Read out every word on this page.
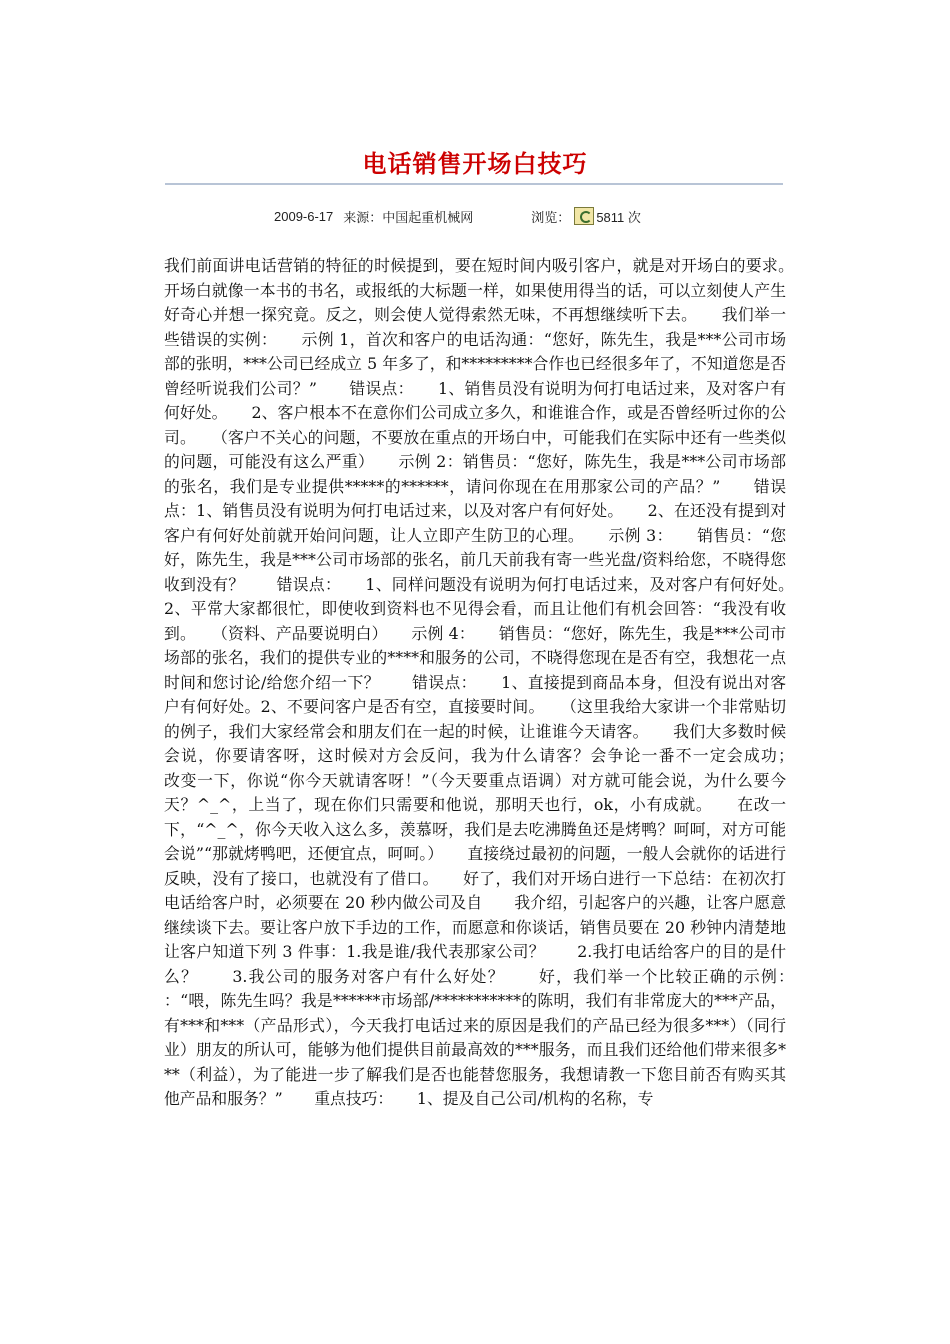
电话销售开场白技巧
2009-6-17 来源：中国起重机械网	浏览： 5811 次

我们前面讲电话营销的特征的时候提到，要在短时间内吸引客户，就是对开场白的要求。　　开场白就像一本书的书名，或报纸的大标题一样，如果使用得当的话，可以立刻使人产生好奇心并想一探究竟。反之，则会使人觉得索然无味，不再想继续听下去。　　我们举一些错误的实例：　　示例 1，首次和客户的电话沟通：“您好，陈先生，我是***公司市场部的张明，***公司已经成立 5 年多了，和*********合作也已经很多年了，不知道您是否曾经听说我们公司？”　　错误点：　　1、销售员没有说明为何打电话过来，及对客户有何好处。　　2、客户根本不在意你们公司成立多久，和谁谁合作，或是否曾经听过你的公司。　　（客户不关心的问题，不要放在重点的开场白中，可能我们在实际中还有一些类似的问题，可能没有这么严重）　　示例 2：销售员：“您好，陈先生，我是***公司市场部的张名，我们是专业提供*****的******，请问你现在在用那家公司的产品？”　　错误点：1、销售员没有说明为何打电话过来，以及对客户有何好处。　　2、在还没有提到对客户有何好处前就开始问问题，让人立即产生防卫的心理。　　示例 3：　　销售员：“您好，陈先生，我是***公司市场部的张名，前几天前我有寄一些光盘/资料给您，不晓得您收到没有？　　错误点：　　1、同样问题没有说明为何打电话过来，及对客户有何好处。　　2、平常大家都很忙，即使收到资料也不见得会看，而且让他们有机会回答：“我没有收到。　　（资料、产品要说明白）　　示例 4：　　销售员：“您好，陈先生，我是***公司市场部的张名，我们的提供专业的****和服务的公司，不晓得您现在是否有空，我想花一点时间和您讨论/给您介绍一下？　　错误点：　　1、直接提到商品本身，但没有说出对客户有何好处。2、不要问客户是否有空，直接要时间。　　（这里我给大家讲一个非常贴切的例子，我们大家经常会和朋友们在一起的时候，让谁谁今天请客。　　我们大多数时候会说，你要请客呀，这时候对方会反问，我为什么请客？会争论一番不一定会成功；　　改变一下，你说“你今天就请客呀！”（今天要重点语调）对方就可能会说，为什么要今天？^_^，上当了，现在你们只需要和他说，那明天也行，ok，小有成就。　　在改一下，“^_^，你今天收入这么多，羡慕呀，我们是去吃沸腾鱼还是烤鸭？呵呵，对方可能会说”“那就烤鸭吧，还便宜点，呵呵。）　　直接绕过最初的问题，一般人会就你的话进行反映，没有了接口，也就没有了借口。　　好了，我们对开场白进行一下总结：在初次打电话给客户时，必须要在 20 秒内做公司及自　　我介绍，引起客户的兴趣，让客户愿意继续谈下去。要让客户放下手边的工作，而愿意和你谈话，销售员要在 20 秒钟内清楚地让客户知道下列 3 件事：1.我是谁/我代表那家公司？　　2.我打电话给客户的目的是什么？　　3.我公司的服务对客户有什么好处？　　好，我们举一个比较正确的示例：　　：“喂，陈先生吗？我是******市场部/***********的陈明，我们有非常庞大的***产品，有***和***（产品形式），今天我打电话过来的原因是我们的产品已经为很多***）（同行业）朋友的所认可，能够为他们提供目前最高效的***服务，而且我们还给他们带来很多***（利益），为了能进一步了解我们是否也能替您服务，我想请教一下您目前否有购买其他产品和服务？”　　重点技巧：　　1、提及自己公司/机构的名称，专
